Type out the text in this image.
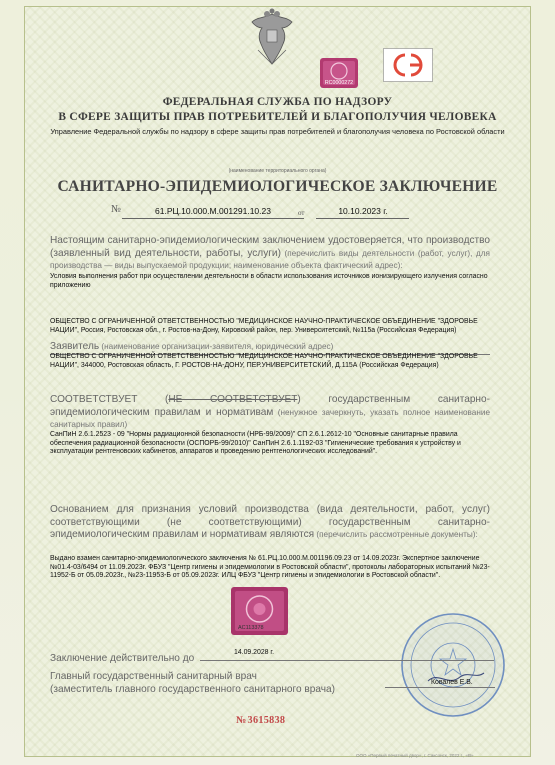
RC0000272
ФЕДЕРАЛЬНАЯ СЛУЖБА ПО НАДЗОРУ
В СФЕРЕ ЗАЩИТЫ ПРАВ ПОТРЕБИТЕЛЕЙ И БЛАГОПОЛУЧИЯ ЧЕЛОВЕКА
Управление Федеральной службы по надзору в сфере защиты прав потребителей и благополучия человека по Ростовской области
(наименование территориального органа)
САНИТАРНО-ЭПИДЕМИОЛОГИЧЕСКОЕ ЗАКЛЮЧЕНИЕ
№	61.РЦ.10.000.М.001291.10.23	от	10.10.2023 г.
Настоящим санитарно-эпидемиологическим заключением удостоверяется, что производство (заявленный вид деятельности, работы, услуги) (перечислить виды деятельности (работ, услуг), для производства — виды выпускаемой продукции; наименование объекта фактический адрес):
Условия выполнения работ при осуществлении деятельности в области использования источников ионизирующего излучения согласно приложению
ОБЩЕСТВО С ОГРАНИЧЕННОЙ ОТВЕТСТВЕННОСТЬЮ "МЕДИЦИНСКОЕ НАУЧНО-ПРАКТИЧЕСКОЕ ОБЪЕДИНЕНИЕ "ЗДОРОВЬЕ НАЦИИ", Россия, Ростовская обл., г. Ростов-на-Дону, Кировский район, пер. Университетский, №115а (Российская Федерация)
Заявитель (наименование организации-заявителя, юридический адрес)
ОБЩЕСТВО С ОГРАНИЧЕННОЙ ОТВЕТСТВЕННОСТЬЮ "МЕДИЦИНСКОЕ НАУЧНО-ПРАКТИЧЕСКОЕ ОБЪЕДИНЕНИЕ "ЗДОРОВЬЕ НАЦИИ", 344000, Ростовская область, Г. РОСТОВ-НА-ДОНУ, ПЕР.УНИВЕРСИТЕТСКИЙ, Д.115А (Российская Федерация)
СООТВЕТСТВУЕТ (НЕ СООТВЕТСТВУЕТ) государственным санитарно-эпидемиологическим правилам и нормативам (ненужное зачеркнуть, указать полное наименование санитарных правил)
СанПиН 2.6.1.2523 - 09 "Нормы радиационной безопасности (НРБ-99/2009)" СП 2.6.1.2612-10 "Основные санитарные правила обеспечения радиационной безопасности (ОСПОРБ-99/2010)" СанПиН 2.6.1.1192-03 "Гигиенические требования к устройству и эксплуатации рентгеновских кабинетов, аппаратов и проведению рентгенологических исследований".
Основанием для признания условий производства (вида деятельности, работ, услуг) соответствующими (не соответствующими) государственным санитарно-эпидемиологическим правилам и нормативам являются (перечислить рассмотренные документы):
Выдано взамен санитарно-эпидемиологического заключения № 61.РЦ.10.000.М.001196.09.23 от 14.09.2023г. Экспертное заключение №01.4-03/6494 от 11.09.2023г. ФБУЗ "Центр гигиены и эпидемиологии в Ростовской области", протоколы лабораторных испытаний №23-11952-Б от 05.09.2023г., №23-11953-Б от 05.09.2023г. ИЛЦ ФБУЗ "Центр гигиены и эпидемиологии в Ростовской области".
AC113378
Заключение действительно до
14.09.2028 г.
Главный государственный санитарный врач
(заместитель главного государственного санитарного врача)
Ковалев Е.В.
№3615838
ООО «Первый печатный двор», г. Саксонск, 2022 г., «В»
